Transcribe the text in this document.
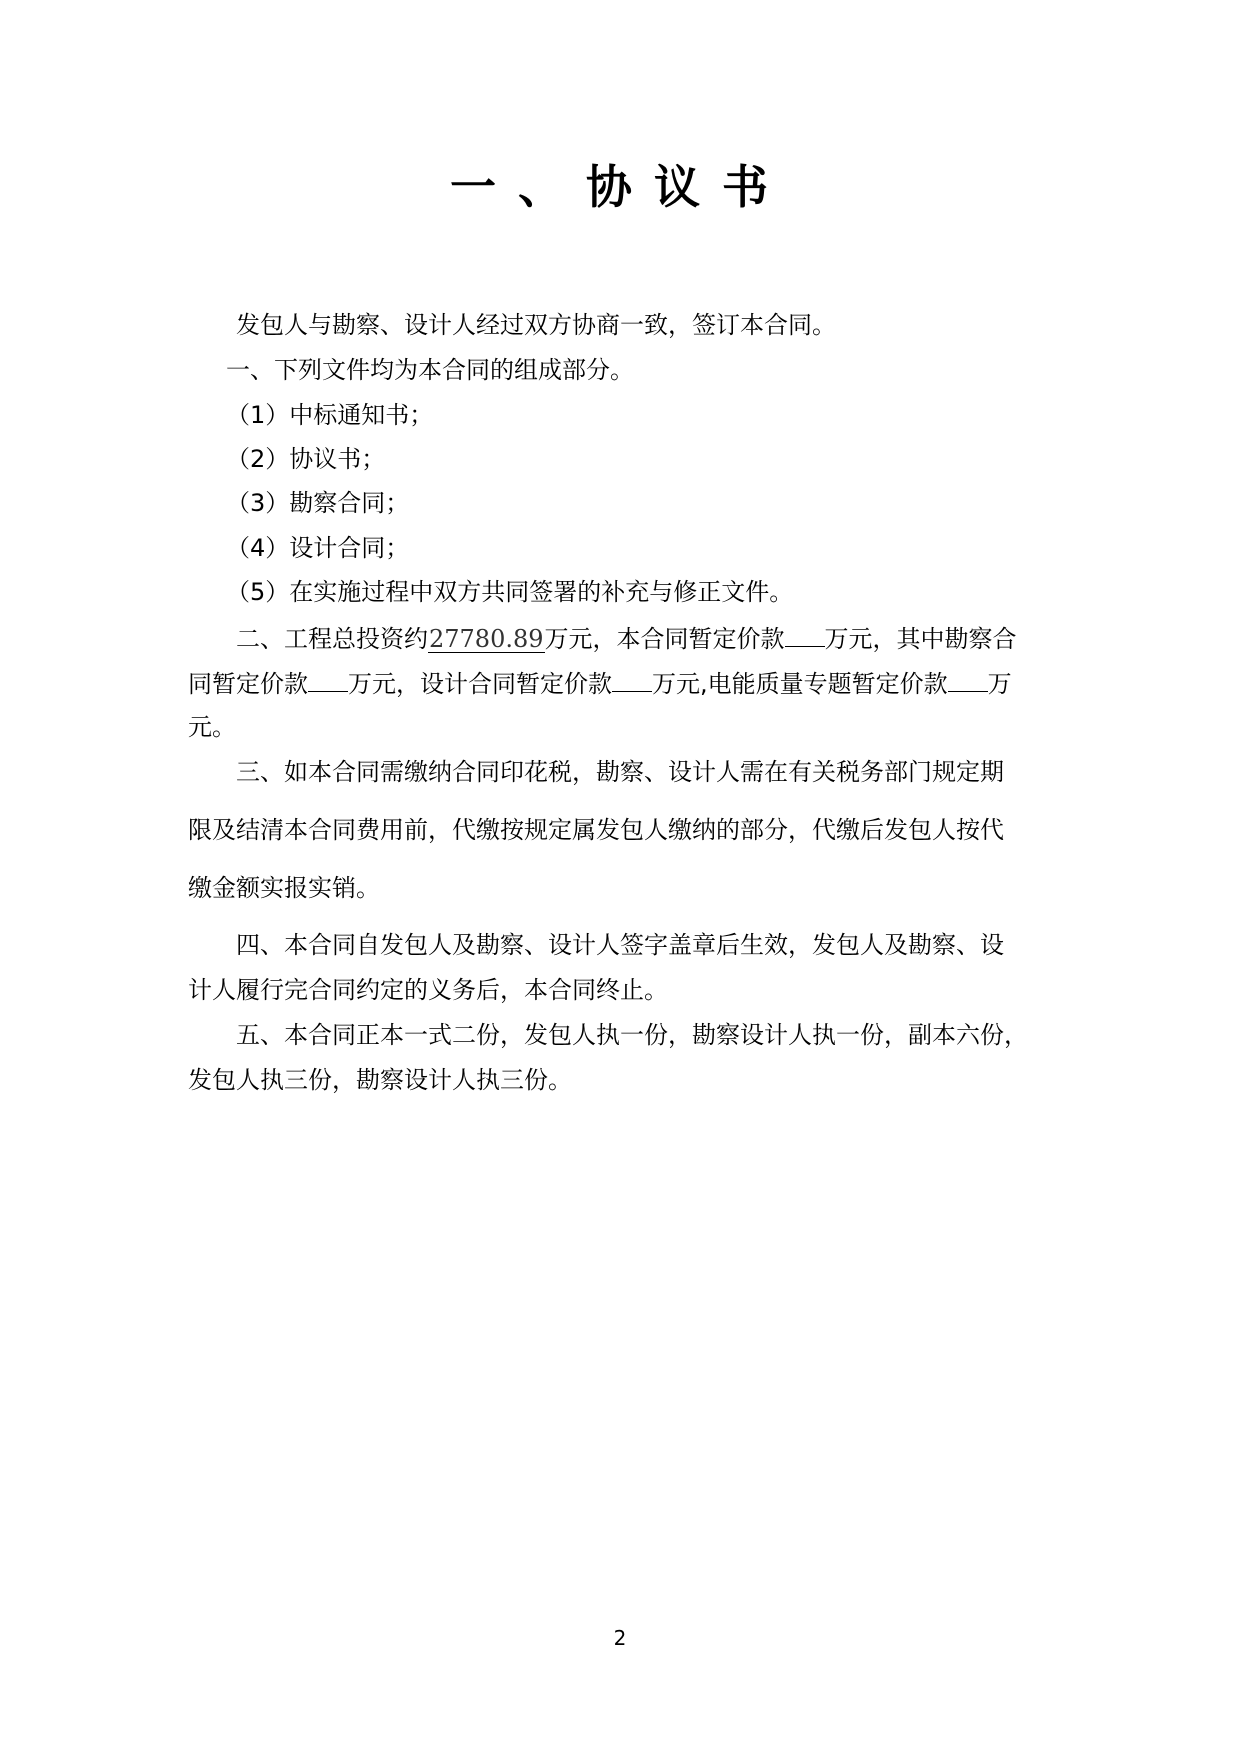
一、协议书
发包人与勘察、设计人经过双方协商一致，签订本合同。
一、下列文件均为本合同的组成部分。
（1）中标通知书；
（2）协议书；
（3）勘察合同；
（4）设计合同；
（5）在实施过程中双方共同签署的补充与修正文件。
二、工程总投资约27780.89万元，本合同暂定价款 万元，其中勘察合
同暂定价款 万元，设计合同暂定价款 万元,电能质量专题暂定价款 万
元。
三、如本合同需缴纳合同印花税，勘察、设计人需在有关税务部门规定期
限及结清本合同费用前，代缴按规定属发包人缴纳的部分，代缴后发包人按代
缴金额实报实销。
四、本合同自发包人及勘察、设计人签字盖章后生效，发包人及勘察、设
计人履行完合同约定的义务后，本合同终止。
五、本合同正本一式二份，发包人执一份，勘察设计人执一份，副本六份，
发包人执三份，勘察设计人执三份。
2
